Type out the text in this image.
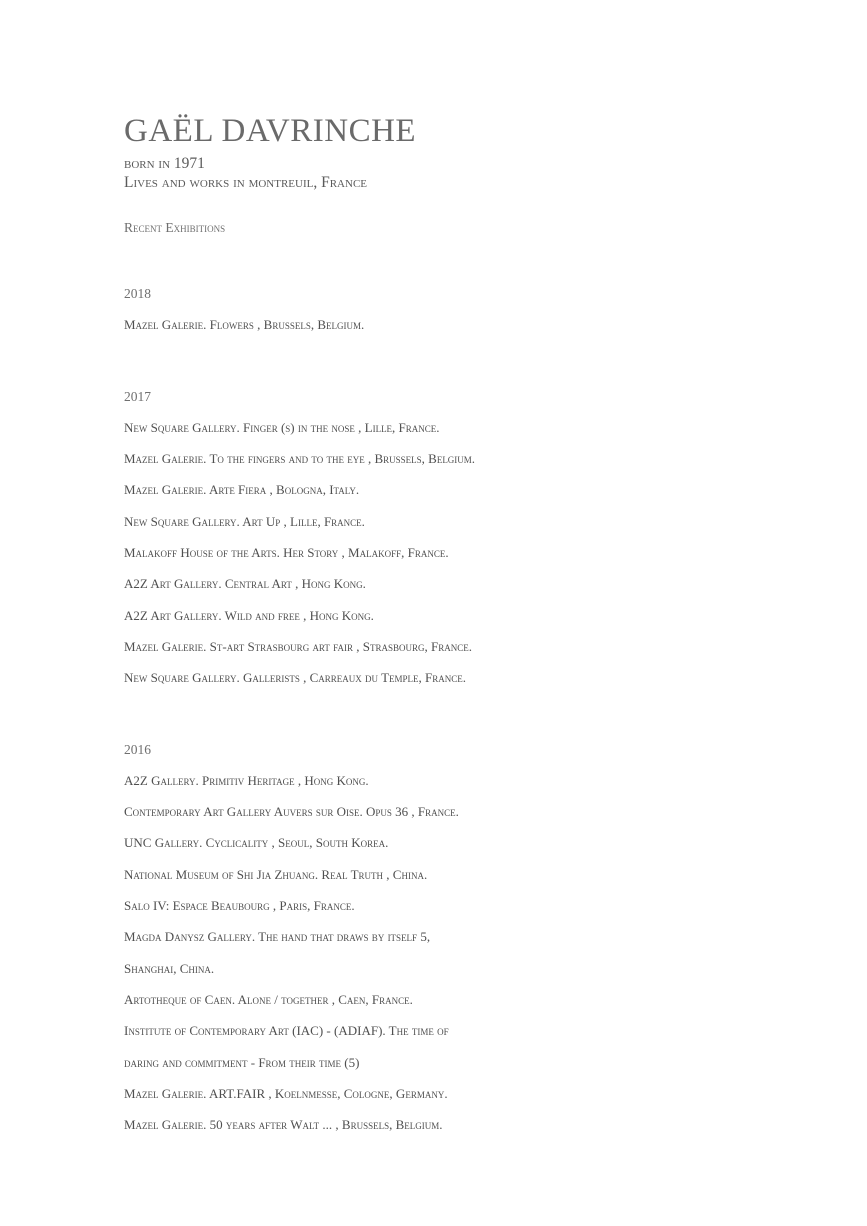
GAËL DAVRINCHE
born in 1971
Lives and works in montreuil, France
Recent Exhibitions
2018
Mazel Galerie. Flowers , Brussels, Belgium.
2017
New Square Gallery. Finger (s) in the nose , Lille, France.
Mazel Galerie. To the fingers and to the eye , Brussels, Belgium.
Mazel Galerie. Arte Fiera , Bologna, Italy.
New Square Gallery. Art Up , Lille, France.
Malakoff House of the Arts. Her Story , Malakoff, France.
A2Z Art Gallery. Central Art , Hong Kong.
A2Z Art Gallery. Wild and free , Hong Kong.
Mazel Galerie. St-art Strasbourg art fair , Strasbourg, France.
New Square Gallery. Gallerists , Carreaux du Temple, France.
2016
A2Z Gallery. Primitiv Heritage , Hong Kong.
Contemporary Art Gallery Auvers sur Oise. Opus 36 , France.
UNC Gallery. Cyclicality , Seoul, South Korea.
National Museum of Shi Jia Zhuang. Real Truth , China.
Salo IV: Espace Beaubourg , Paris, France.
Magda Danysz Gallery. The hand that draws by itself 5,
Shanghai, China.
Artotheque of Caen. Alone / together , Caen, France.
Institute of Contemporary Art (IAC) - (ADIAF). The time of
daring and commitment - From their time (5)
Mazel Galerie. ART.FAIR , Koelnmesse, Cologne, Germany.
Mazel Galerie. 50 years after Walt ... , Brussels, Belgium.
